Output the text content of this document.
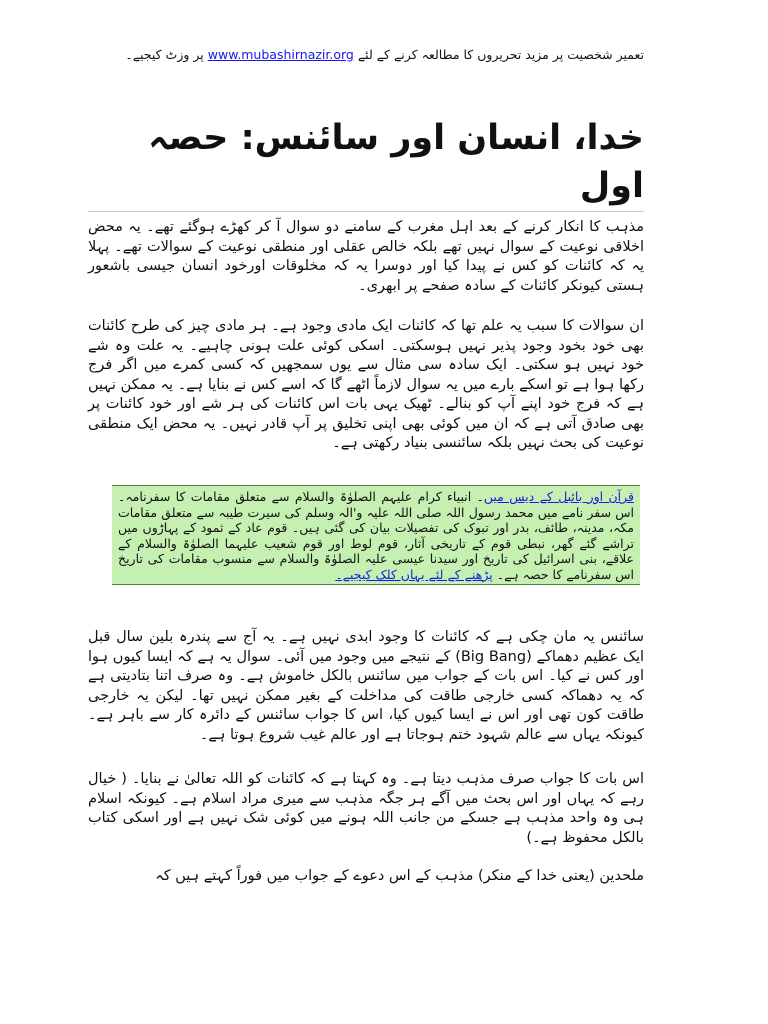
تعمیر شخصیت پر مزید تحریروں کا مطالعہ کرنے کے لئے www.mubashirnazir.org پر وزٹ کیجیے۔
خدا، انسان اور سائنس: حصہ اول

مذہب کا انکار کرنے کے بعد اہل مغرب کے سامنے دو سوال آ کر کھڑے ہوگئے تھے۔ یہ محض اخلاقی نوعیت کے سوال نہیں تھے بلکہ خالص عقلی اور منطقی نوعیت کے سوالات تھے۔ پہلا یہ کہ کائنات کو کس نے پیدا کیا اور دوسرا یہ کہ مخلوقات اورخود انسان جیسی باشعور ہستی کیونکر کائنات کے سادہ صفحے پر ابھری۔

ان سوالات کا سبب یہ علم تھا کہ کائنات ایک مادی وجود ہے۔ ہر مادی چیز کی طرح کائنات بھی خود بخود وجود پذیر نہیں ہوسکتی۔ اسکی کوئی علت ہونی چاہیے۔ یہ علت وہ شے خود نہیں ہو سکتی۔ ایک سادہ سی مثال سے یوں سمجھیں کہ کسی کمرے میں اگر فرج رکھا ہوا ہے تو اسکے بارے میں یہ سوال لازماً اٹھے گا کہ اسے کس نے بنایا ہے۔ یہ ممکن نہیں ہے کہ فرج خود اپنے آپ کو بنالے۔ ٹھیک یہی بات اس کائنات کی ہر شے اور خود کائنات پر بھی صادق آتی ہے کہ ان میں کوئی بھی اپنی تخلیق پر آپ قادر نہیں۔ یہ محض ایک منطقی نوعیت کی بحث نہیں بلکہ سائنسی بنیاد رکھتی ہے۔

قرآن اور بائبل کے دیس میں۔ انبیاء کرام علیہم الصلوٰۃ والسلام سے متعلق مقامات کا سفرنامہ۔ اس سفر نامے میں محمد رسول اللہ صلی اللہ علیہ و'الہ وسلم کی سیرت طیبہ سے متعلق مقامات مکہ، مدینہ، طائف، بدر اور تبوک کی تفصیلات بیان کی گئی ہیں۔ قوم عاد کے ثمود کے پہاڑوں میں تراشے گئے گھر، نبطی قوم کے تاریخی آثار، قوم لوط اور قوم شعیب علیہما الصلوٰۃ والسلام کے علاقے، بنی اسرائیل کی تاریخ اور سیدنا عیسی علیہ الصلوٰۃ والسلام سے منسوب مقامات کی تاریخ اس سفرنامے کا حصہ ہے۔ پڑھنے کے لئے یہاں کلک کیجیے۔

سائنس یہ مان چکی ہے کہ کائنات کا وجود ابدی نہیں ہے۔ یہ آج سے پندرہ بلین سال قبل ایک عظیم دھماکے (Big Bang) کے نتیجے میں وجود میں آئی۔ سوال یہ ہے کہ ایسا کیوں ہوا اور کس نے کیا۔ اس بات کے جواب میں سائنس بالکل خاموش ہے۔ وہ صرف اتنا بتادیتی ہے کہ یہ دھماکہ کسی خارجی طاقت کی مداخلت کے بغیر ممکن نہیں تھا۔ لیکن یہ خارجی طاقت کون تھی اور اس نے ایسا کیوں کیا، اس کا جواب سائنس کے دائرہ کار سے باہر ہے۔ کیونکہ یہاں سے عالم شہود ختم ہوجاتا ہے اور عالم غیب شروع ہوتا ہے۔

اس بات کا جواب صرف مذہب دیتا ہے۔ وہ کہتا ہے کہ کائنات کو اللہ تعالیٰ نے بنایا۔ ( خیال رہے کہ یہاں اور اس بحث میں آگے ہر جگہ مذہب سے میری مراد اسلام ہے۔ کیونکہ اسلام ہی وہ واحد مذہب ہے جسکے من جانب اللہ ہونے میں کوئی شک نہیں ہے اور اسکی کتاب بالکل محفوظ ہے۔)

ملحدین (یعنی خدا کے منکر) مذہب کے اس دعوے کے جواب میں فوراً کہتے ہیں کہ
